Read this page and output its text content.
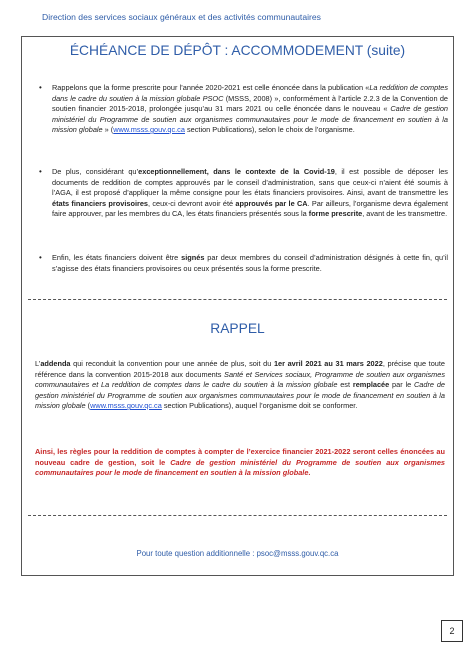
Direction des services sociaux généraux et des activités communautaires
ÉCHÉANCE DE DÉPÔT : ACCOMMODEMENT (suite)
• Rappelons que la forme prescrite pour l’année 2020-2021 est celle énoncée dans la publication «La reddition de comptes dans le cadre du soutien à la mission globale PSOC (MSSS, 2008) », conformément à l’article 2.2.3 de la Convention de soutien financier 2015-2018, prolongée jusqu’au 31 mars 2021 ou celle énoncée dans le nouveau « Cadre de gestion ministériel du Programme de soutien aux organismes communautaires pour le mode de financement en soutien à la mission globale » (www.msss.gouv.qc.ca section Publications), selon le choix de l’organisme.

• De plus, considérant qu’exceptionnellement, dans le contexte de la Covid-19, il est possible de déposer les documents de reddition de comptes approuvés par le conseil d’administration, sans que ceux-ci n’aient été soumis à l’AGA, il est proposé d’appliquer la même consigne pour les états financiers provisoires. Ainsi, avant de transmettre les états financiers provisoires, ceux-ci devront avoir été approuvés par le CA. Par ailleurs, l’organisme devra également faire approuver, par les membres du CA, les états financiers présentés sous la forme prescrite, avant de les transmettre.

• Enfin, les états financiers doivent être signés par deux membres du conseil d’administration désignés à cette fin, qu’il s’agisse des états financiers provisoires ou ceux présentés sous la forme prescrite.

RAPPEL

L’addenda qui reconduit la convention pour une année de plus, soit du 1er avril 2021 au 31 mars 2022, précise que toute référence dans la convention 2015-2018 aux documents Santé et Services sociaux, Programme de soutien aux organismes communautaires et La reddition de comptes dans le cadre du soutien à la mission globale est remplacée par le Cadre de gestion ministériel du Programme de soutien aux organismes communautaires pour le mode de financement en soutien à la mission globale (www.msss.gouv.qc.ca section Publications), auquel l’organisme doit se conformer.

Ainsi, les règles pour la reddition de comptes à compter de l’exercice financier 2021-2022 seront celles énoncées au nouveau cadre de gestion, soit le Cadre de gestion ministériel du Programme de soutien aux organismes communautaires pour le mode de financement en soutien à la mission globale.

Pour toute question additionnelle : psoc@msss.gouv.qc.ca
2
